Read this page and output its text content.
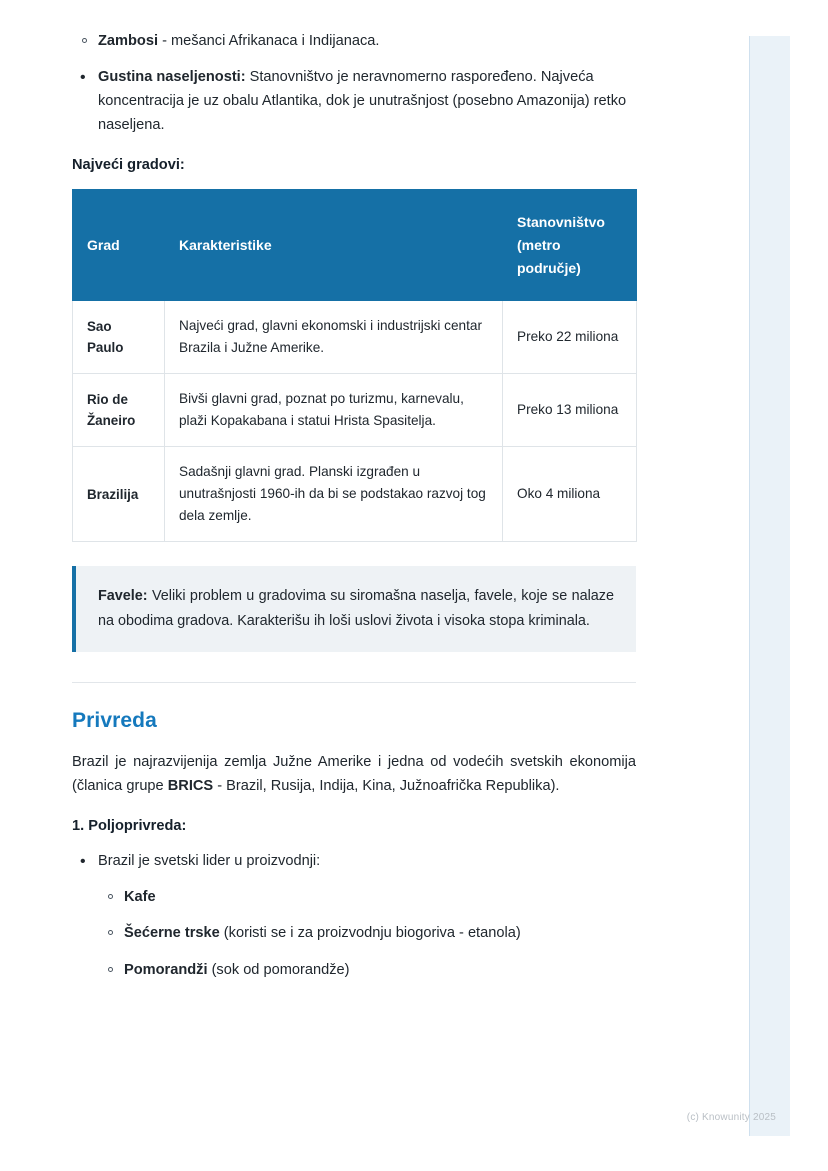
Zambosi - mešanci Afrikanaca i Indijanaca.
• Gustina naseljenosti: Stanovništvo je neravnomerno raspoređeno. Najveća koncentracija je uz obalu Atlantika, dok je unutrašnjost (posebno Amazonija) retko naseljena.
Najveći gradovi:
Grad	Karakteristike	Stanovništvo (metro područje)
Sao Paulo	Najveći grad, glavni ekonomski i industrijski centar Brazila i Južne Amerike.	Preko 22 miliona
Rio de Žaneiro	Bivši glavni grad, poznat po turizmu, karnevalu, plaži Kopakabana i statui Hrista Spasitelja.	Preko 13 miliona
Brazilija	Sadašnji glavni grad. Planski izgrađen u unutrašnjosti 1960-ih da bi se podstakao razvoj tog dela zemlje.	Oko 4 miliona
Favele: Veliki problem u gradovima su siromašna naselja, favele, koje se nalaze na obodima gradova. Karakterišu ih loši uslovi života i visoka stopa kriminala.
Privreda

Brazil je najrazvijenija zemlja Južne Amerike i jedna od vodećih svetskih ekonomija (članica grupe BRICS - Brazil, Rusija, Indija, Kina, Južnoafrička Republika).

1. Poljoprivreda:
• Brazil je svetski lider u proizvodnji:
Kafe
Šećerne trske (koristi se i za proizvodnju biogoriva - etanola)
Pomorandži (sok od pomorandže)
(c) Knowunity 2025
